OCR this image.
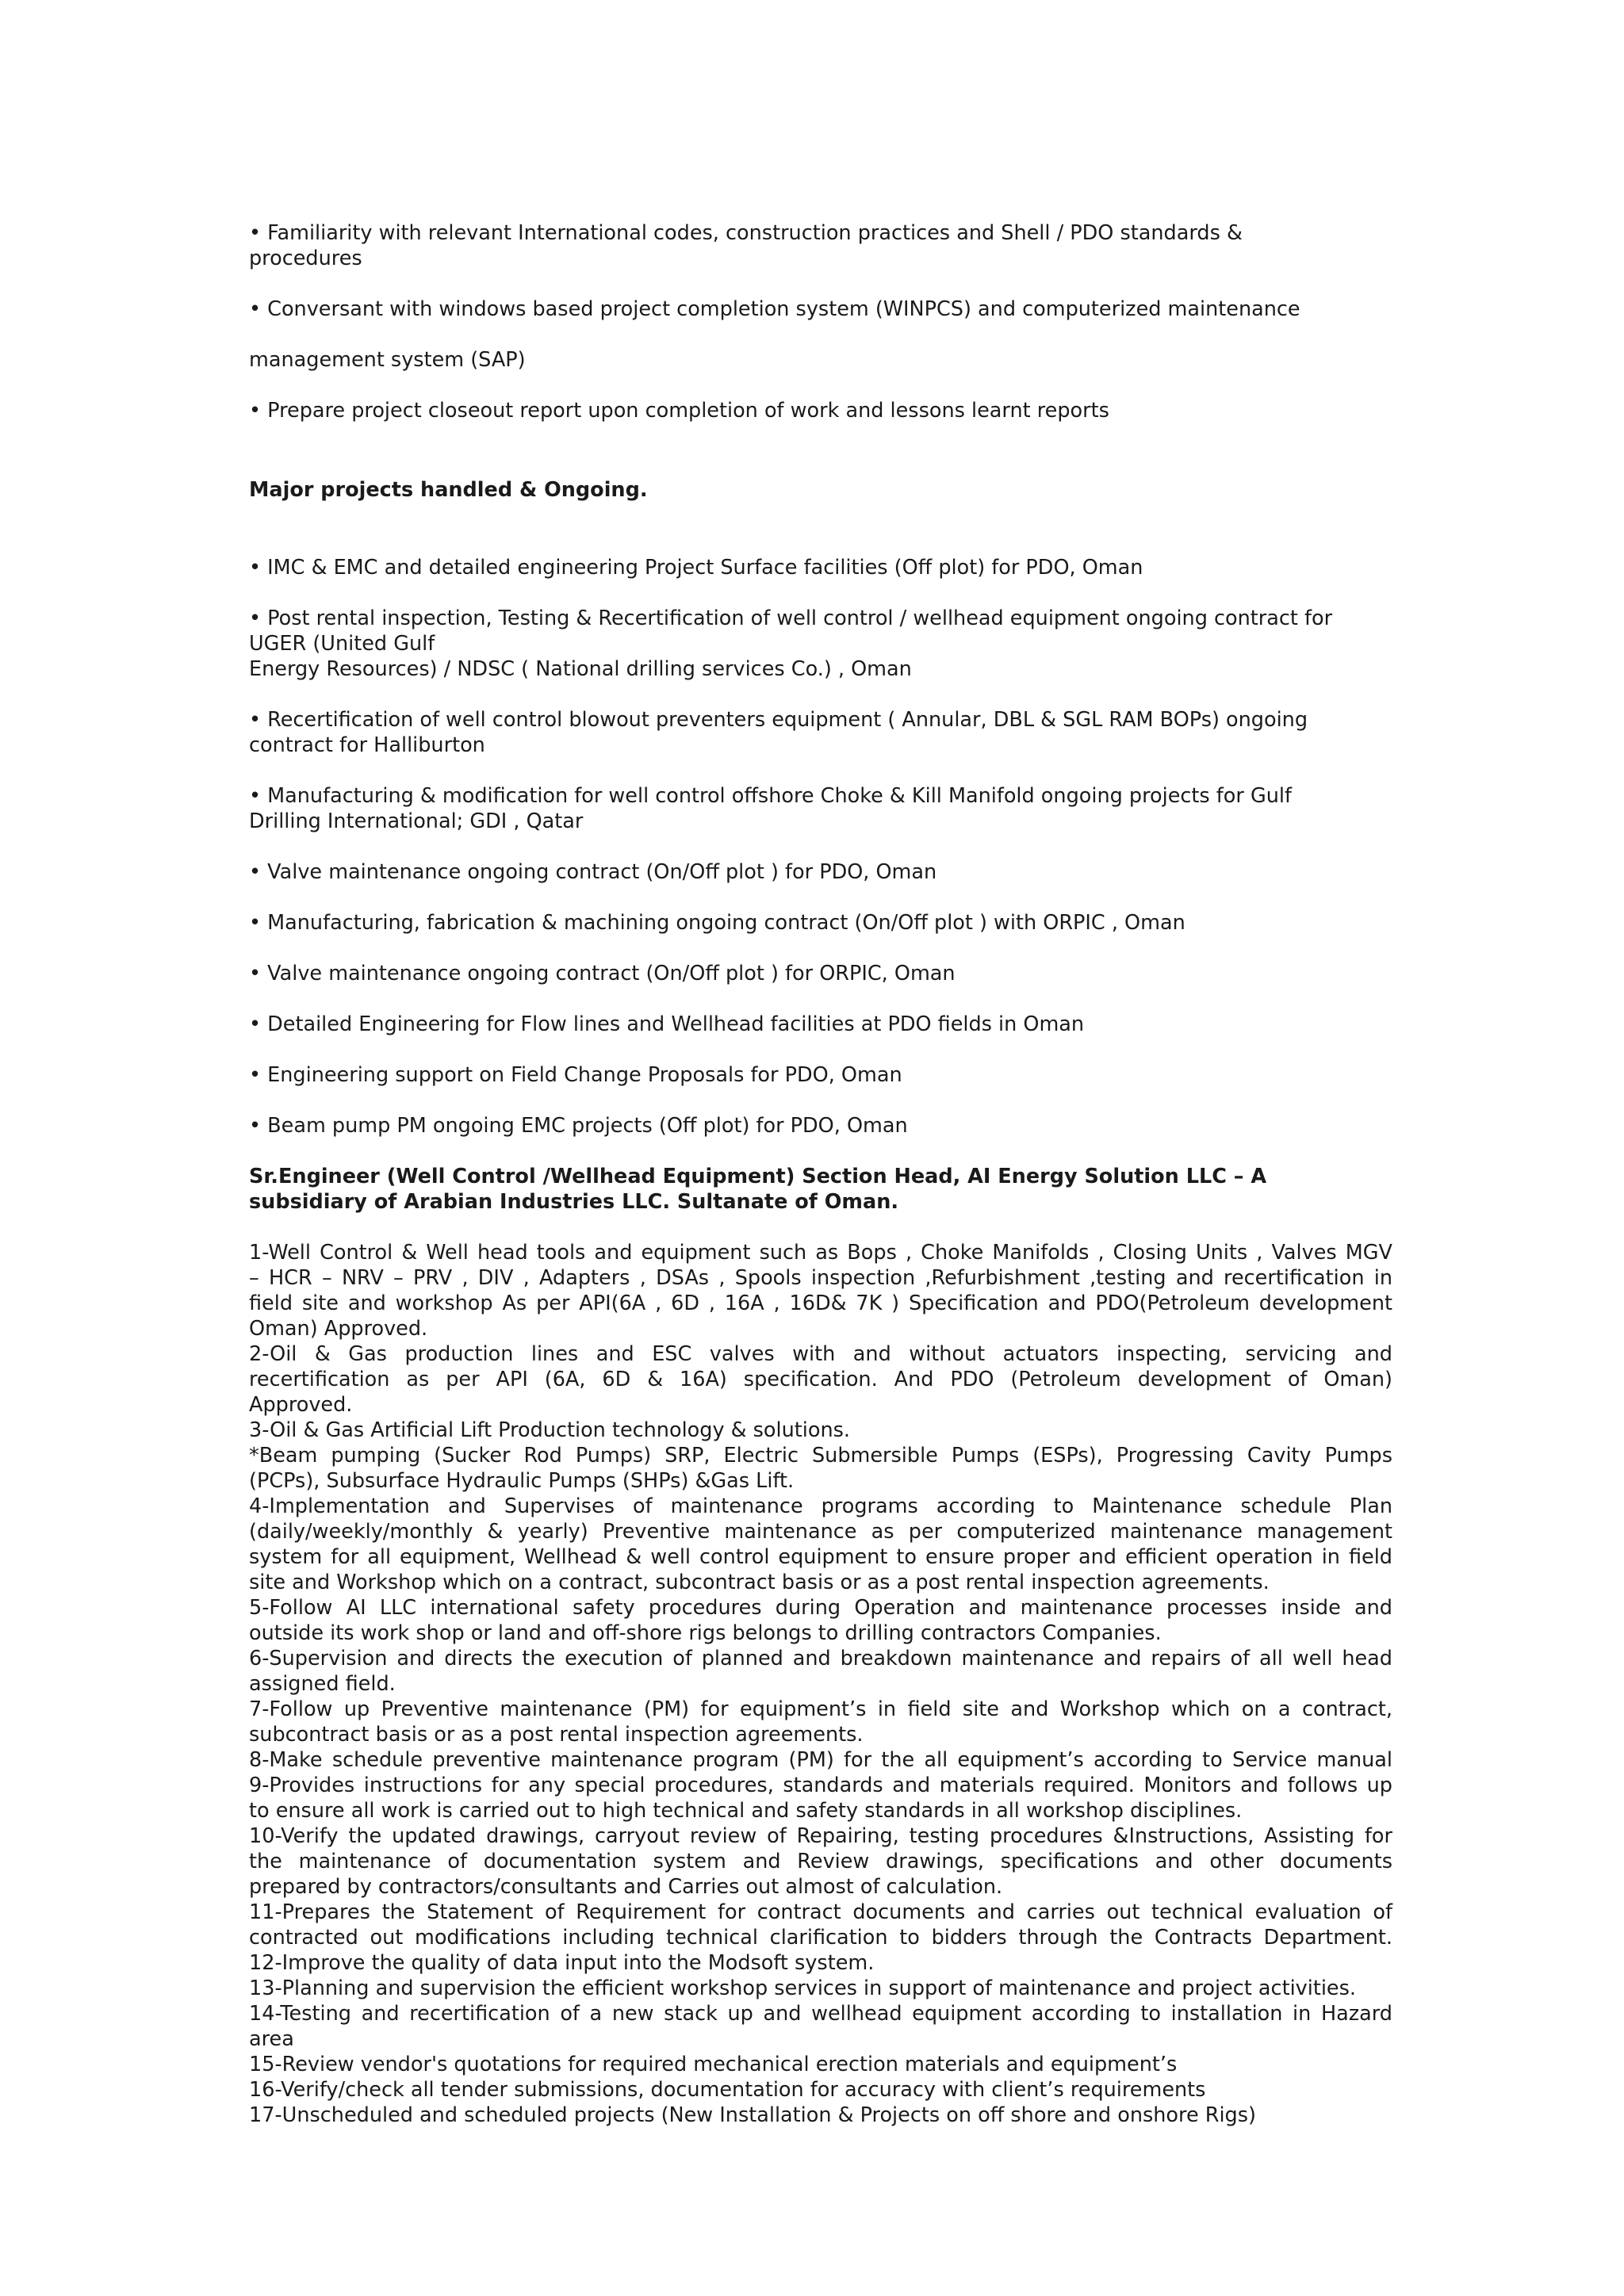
• Familiarity with relevant International codes, construction practices and Shell / PDO standards &

procedures

• Conversant with windows based project completion system (WINPCS) and computerized maintenance

management system (SAP)

• Prepare project closeout report upon completion of work and lessons learnt reports

Major projects handled & Ongoing.

• IMC & EMC and detailed engineering Project Surface facilities (Off plot) for PDO, Oman

• Post rental inspection, Testing & Recertification of well control / wellhead equipment ongoing contract for

UGER (United Gulf

Energy Resources) / NDSC ( National drilling services Co.) , Oman

• Recertification of well control blowout preventers equipment ( Annular, DBL & SGL RAM BOPs) ongoing

contract for Halliburton

• Manufacturing & modification for well control offshore Choke & Kill Manifold ongoing projects for Gulf

Drilling International; GDI , Qatar

• Valve maintenance ongoing contract (On/Off plot ) for PDO, Oman

• Manufacturing, fabrication & machining ongoing contract (On/Off plot ) with ORPIC , Oman

• Valve maintenance ongoing contract (On/Off plot ) for ORPIC, Oman

• Detailed Engineering for Flow lines and Wellhead facilities at PDO fields in Oman

• Engineering support on Field Change Proposals for PDO, Oman

• Beam pump PM ongoing EMC projects (Off plot) for PDO, Oman

Sr.Engineer (Well Control /Wellhead Equipment) Section Head, AI Energy Solution LLC – A

subsidiary of Arabian Industries LLC. Sultanate of Oman.

1-Well Control & Well head tools and equipment such as Bops , Choke Manifolds , Closing Units , Valves MGV

– HCR – NRV – PRV , DIV , Adapters , DSAs , Spools inspection ,Refurbishment ,testing and recertification in

field site and workshop As per API(6A , 6D , 16A , 16D& 7K ) Specification and PDO(Petroleum development

Oman) Approved.

2-Oil & Gas production lines and ESC valves with and without actuators inspecting, servicing and

recertification as per API (6A, 6D & 16A) specification. And PDO (Petroleum development of Oman)

Approved.

3-Oil & Gas Artificial Lift Production technology & solutions.

*Beam pumping (Sucker Rod Pumps) SRP, Electric Submersible Pumps (ESPs), Progressing Cavity Pumps

(PCPs), Subsurface Hydraulic Pumps (SHPs) &Gas Lift.

4-Implementation and Supervises of maintenance programs according to Maintenance schedule Plan

(daily/weekly/monthly & yearly) Preventive maintenance as per computerized maintenance management

system for all equipment, Wellhead & well control equipment to ensure proper and efficient operation in field

site and Workshop which on a contract, subcontract basis or as a post rental inspection agreements.

5-Follow AI LLC international safety procedures during Operation and maintenance processes inside and

outside its work shop or land and off-shore rigs belongs to drilling contractors Companies.

6-Supervision and directs the execution of planned and breakdown maintenance and repairs of all well head

assigned field.

7-Follow up Preventive maintenance (PM) for equipment’s in field site and Workshop which on a contract,

subcontract basis or as a post rental inspection agreements.

8-Make schedule preventive maintenance program (PM) for the all equipment’s according to Service manual

9-Provides instructions for any special procedures, standards and materials required. Monitors and follows up

to ensure all work is carried out to high technical and safety standards in all workshop disciplines.

10-Verify the updated drawings, carryout review of Repairing, testing procedures &Instructions, Assisting for

the maintenance of documentation system and Review drawings, specifications and other documents

prepared by contractors/consultants and Carries out almost of calculation.

11-Prepares the Statement of Requirement for contract documents and carries out technical evaluation of

contracted out modifications including technical clarification to bidders through the Contracts Department.

12-Improve the quality of data input into the Modsoft system.

13-Planning and supervision the efficient workshop services in support of maintenance and project activities.

14-Testing and recertification of a new stack up and wellhead equipment according to installation in Hazard

area

15-Review vendor's quotations for required mechanical erection materials and equipment’s

16-Verify/check all tender submissions, documentation for accuracy with client’s requirements

17-Unscheduled and scheduled projects (New Installation & Projects on off shore and onshore Rigs)
